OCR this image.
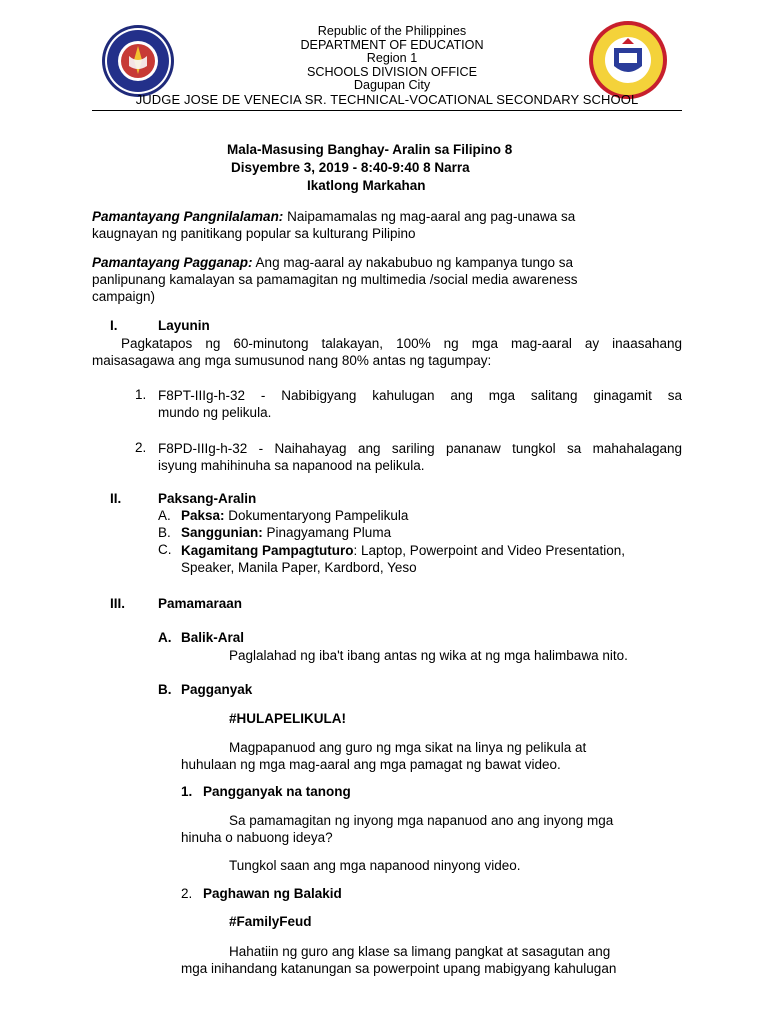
Republic of the Philippines
DEPARTMENT OF EDUCATION
Region 1
SCHOOLS DIVISION OFFICE
Dagupan City
JUDGE JOSE DE VENECIA SR. TECHNICAL-VOCATIONAL SECONDARY SCHOOL
Mala-Masusing Banghay- Aralin sa Filipino 8
Disyembre 3, 2019 - 8:40-9:40 8 Narra
Ikatlong Markahan
Pamantayang Pangnilalaman: Naipamamalas ng mag-aaral ang pag-unawa sa
kaugnayan ng panitikang popular sa kulturang Pilipino
Pamantayang Pagganap: Ang mag-aaral ay nakabubuo ng kampanya tungo sa
panlipunang kamalayan sa pamamagitan ng multimedia /social media awareness
campaign)
I.	Layunin
Pagkatapos ng 60-minutong talakayan, 100% ng mga mag-aaral ay inaasahang
maisasagawa ang mga sumusunod nang 80% antas ng tagumpay:
1. F8PT-IIIg-h-32 - Nabibigyang kahulugan ang mga salitang ginagamit sa
mundo ng pelikula.
2. F8PD-IIIg-h-32 - Naihahayag ang sariling pananaw tungkol sa mahahalagang
isyung mahihinuha sa napanood na pelikula.
II.	Paksang-Aralin
A. Paksa: Dokumentaryong Pampelikula
B. Sanggunian: Pinagyamang Pluma
C. Kagamitang Pampagtuturo: Laptop, Powerpoint and Video Presentation,
Speaker, Manila Paper, Kardbord, Yeso
III. Pamamaraan
A. Balik-Aral
Paglalahad ng iba't ibang antas ng wika at ng mga halimbawa nito.
B. Pagganyak
#HULAPELIKULA!
Magpapanuod ang guro ng mga sikat na linya ng pelikula at
huhulaan ng mga mag-aaral ang mga pamagat ng bawat video.
1. Pangganyak na tanong
Sa pamamagitan ng inyong mga napanuod ano ang inyong mga
hinuha o nabuong ideya?
Tungkol saan ang mga napanood ninyong video.
2. Paghawan ng Balakid
#FamilyFeud
Hahatiin ng guro ang klase sa limang pangkat at sasagutan ang
mga inihandang katanungan sa powerpoint upang mabigyang kahulugan
